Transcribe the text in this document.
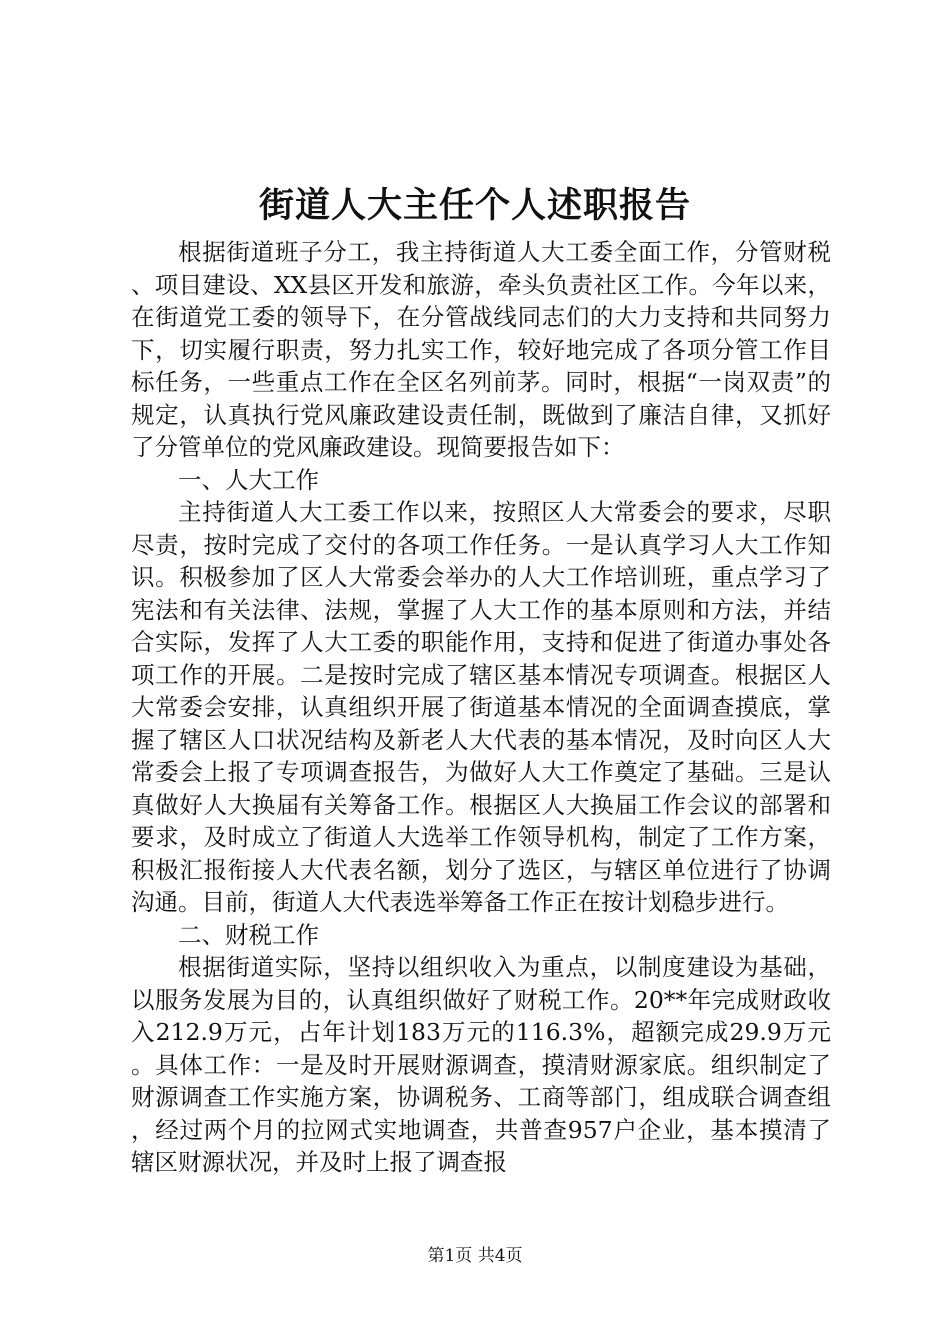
街道人大主任个人述职报告

根据街道班子分工，我主持街道人大工委全面工作，分管财税、项目建设、XX县区开发和旅游，牵头负责社区工作。今年以来，在街道党工委的领导下，在分管战线同志们的大力支持和共同努力下，切实履行职责，努力扎实工作，较好地完成了各项分管工作目标任务，一些重点工作在全区名列前茅。同时，根据“一岗双责”的规定，认真执行党风廉政建设责任制，既做到了廉洁自律，又抓好了分管单位的党风廉政建设。现简要报告如下：

一、人大工作

主持街道人大工委工作以来，按照区人大常委会的要求，尽职尽责，按时完成了交付的各项工作任务。一是认真学习人大工作知识。积极参加了区人大常委会举办的人大工作培训班，重点学习了宪法和有关法律、法规，掌握了人大工作的基本原则和方法，并结合实际，发挥了人大工委的职能作用，支持和促进了街道办事处各项工作的开展。二是按时完成了辖区基本情况专项调查。根据区人大常委会安排，认真组织开展了街道基本情况的全面调查摸底，掌握了辖区人口状况结构及新老人大代表的基本情况，及时向区人大常委会上报了专项调查报告，为做好人大工作奠定了基础。三是认真做好人大换届有关筹备工作。根据区人大换届工作会议的部署和要求，及时成立了街道人大选举工作领导机构，制定了工作方案，积极汇报衔接人大代表名额，划分了选区，与辖区单位进行了协调沟通。目前，街道人大代表选举筹备工作正在按计划稳步进行。

二、财税工作

根据街道实际，坚持以组织收入为重点，以制度建设为基础，以服务发展为目的，认真组织做好了财税工作。20**年完成财政收入212.9万元，占年计划183万元的116.3%，超额完成29.9万元。具体工作：一是及时开展财源调查，摸清财源家底。组织制定了财源调查工作实施方案，协调税务、工商等部门，组成联合调查组，经过两个月的拉网式实地调查，共普查957户企业，基本摸清了辖区财源状况，并及时上报了调查报

第1页 共4页
